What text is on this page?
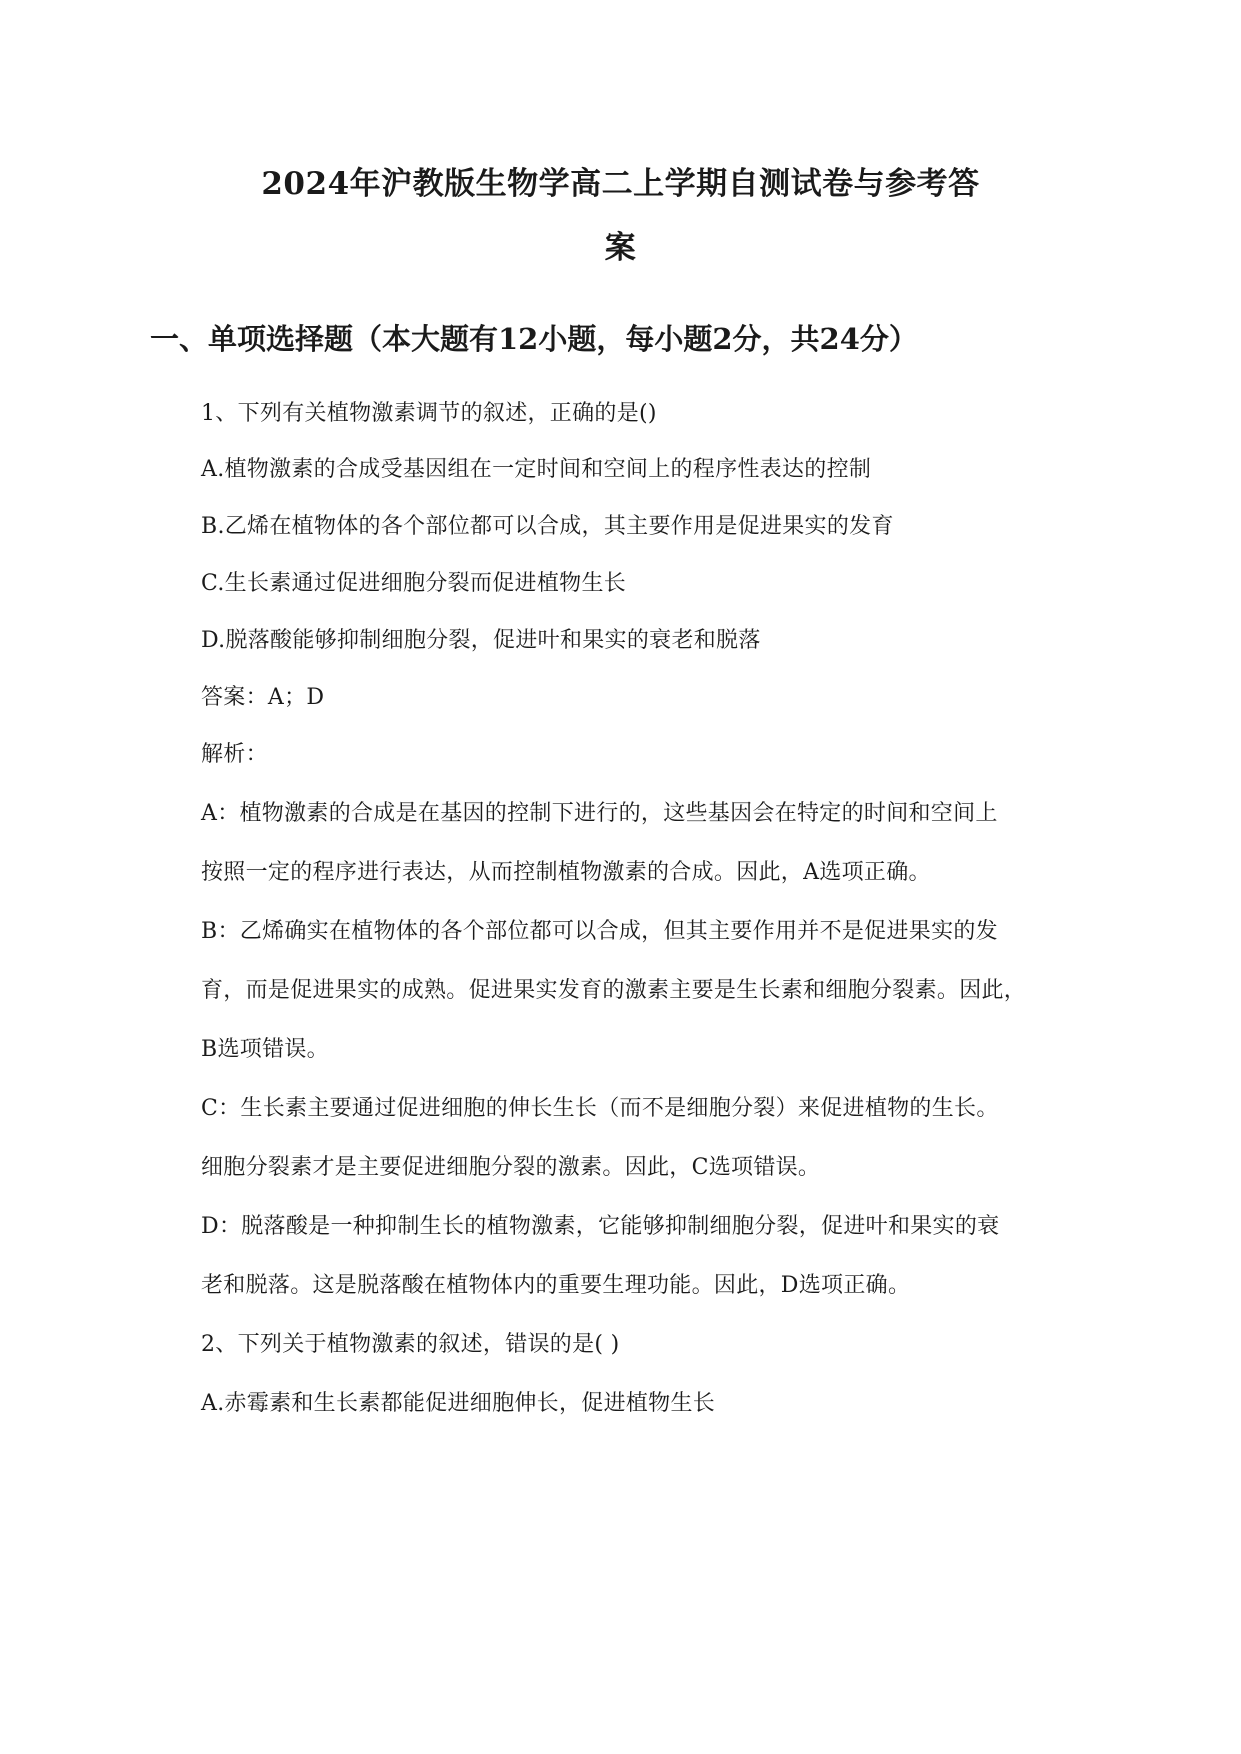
2024年沪教版生物学高二上学期自测试卷与参考答
案
一、单项选择题（本大题有12小题，每小题2分，共24分）
1、下列有关植物激素调节的叙述，正确的是()
A.植物激素的合成受基因组在一定时间和空间上的程序性表达的控制
B.乙烯在植物体的各个部位都可以合成，其主要作用是促进果实的发育
C.生长素通过促进细胞分裂而促进植物生长
D.脱落酸能够抑制细胞分裂，促进叶和果实的衰老和脱落
答案：A；D
解析：
A：植物激素的合成是在基因的控制下进行的，这些基因会在特定的时间和空间上
按照一定的程序进行表达，从而控制植物激素的合成。因此，A选项正确。
B：乙烯确实在植物体的各个部位都可以合成，但其主要作用并不是促进果实的发
育，而是促进果实的成熟。促进果实发育的激素主要是生长素和细胞分裂素。因此，
B选项错误。
C：生长素主要通过促进细胞的伸长生长（而不是细胞分裂）来促进植物的生长。
细胞分裂素才是主要促进细胞分裂的激素。因此，C选项错误。
D：脱落酸是一种抑制生长的植物激素，它能够抑制细胞分裂，促进叶和果实的衰
老和脱落。这是脱落酸在植物体内的重要生理功能。因此，D选项正确。
2、下列关于植物激素的叙述，错误的是( )
A.赤霉素和生长素都能促进细胞伸长，促进植物生长
